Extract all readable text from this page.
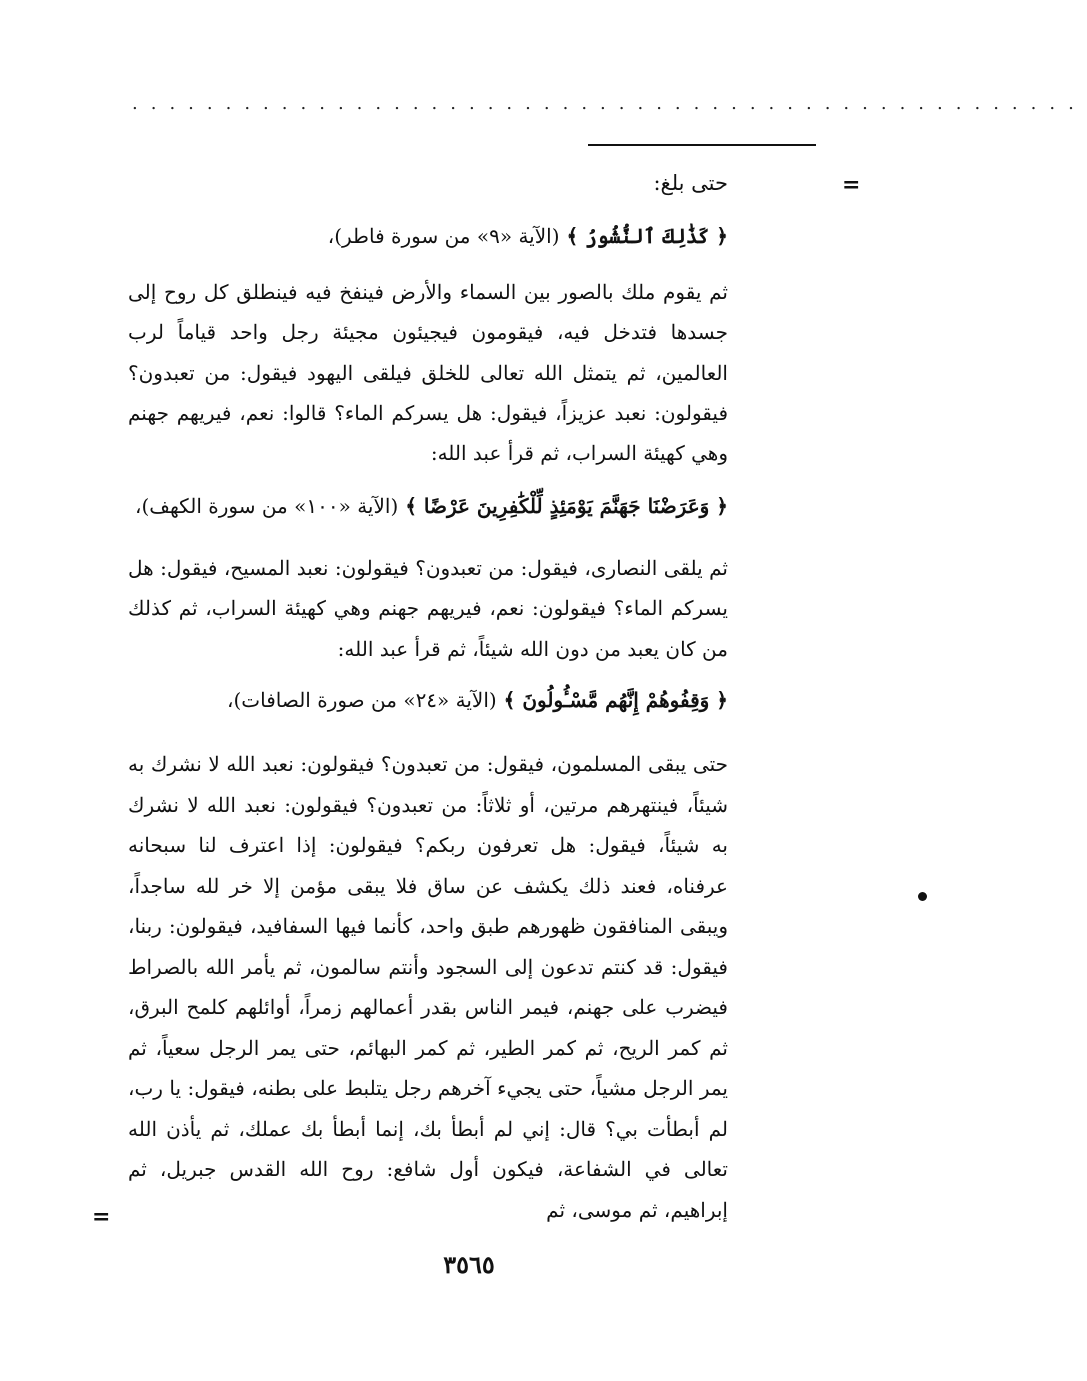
...................................................
=
=
حتى بلغ:
﴿ كَذَٰلِكَ ٱلنُّشُورُ ﴾ (الآية «٩» من سورة فاطر)،
ثم يقوم ملك بالصور بين السماء والأرض فينفخ فيه فينطلق كل روح إلى جسدها فتدخل فيه، فيقومون فيجيئون مجيئة رجل واحد قياماً لرب العالمين، ثم يتمثل الله تعالى للخلق فيلقى اليهود فيقول: من تعبدون؟ فيقولون: نعبد عزيزاً، فيقول: هل يسركم الماء؟ قالوا: نعم، فيريهم جهنم وهي كهيئة السراب، ثم قرأ عبد الله:
﴿ وَعَرَضْنَا جَهَنَّمَ يَوْمَئِذٍ لِّلْكَٰفِرِينَ عَرْضًا ﴾ (الآية «١٠٠» من سورة الكهف)،
ثم يلقى النصارى، فيقول: من تعبدون؟ فيقولون: نعبد المسيح، فيقول: هل يسركم الماء؟ فيقولون: نعم، فيريهم جهنم وهي كهيئة السراب، ثم كذلك من كان يعبد من دون الله شيئاً، ثم قرأ عبد الله:
﴿ وَقِفُوهُمْ إِنَّهُم مَّسْـُٔولُونَ ﴾ (الآية «٢٤» من صورة الصافات)،
حتى يبقى المسلمون، فيقول: من تعبدون؟ فيقولون: نعبد الله لا نشرك به شيئاً، فينتهرهم مرتين، أو ثلاثاً: من تعبدون؟ فيقولون: نعبد الله لا نشرك به شيئاً، فيقول: هل تعرفون ربكم؟ فيقولون: إذا اعترف لنا سبحانه عرفناه، فعند ذلك يكشف عن ساق فلا يبقى مؤمن إلا خر لله ساجداً، ويبقى المنافقون ظهورهم طبق واحد، كأنما فيها السفافيد، فيقولون: ربنا، فيقول: قد كنتم تدعون إلى السجود وأنتم سالمون، ثم يأمر الله بالصراط فيضرب على جهنم، فيمر الناس بقدر أعمالهم زمراً، أوائلهم كلمح البرق، ثم كمر الريح، ثم كمر الطير، ثم كمر البهائم، حتى يمر الرجل سعياً، ثم يمر الرجل مشياً، حتى يجيء آخرهم رجل يتلبط على بطنه، فيقول: يا رب، لم أبطأت بي؟ قال: إني لم أبطأ بك، إنما أبطأ بك عملك، ثم يأذن الله تعالى في الشفاعة، فيكون أول شافع: روح الله القدس جبريل، ثم إبراهيم، ثم موسى، ثم
٣٥٦٥
